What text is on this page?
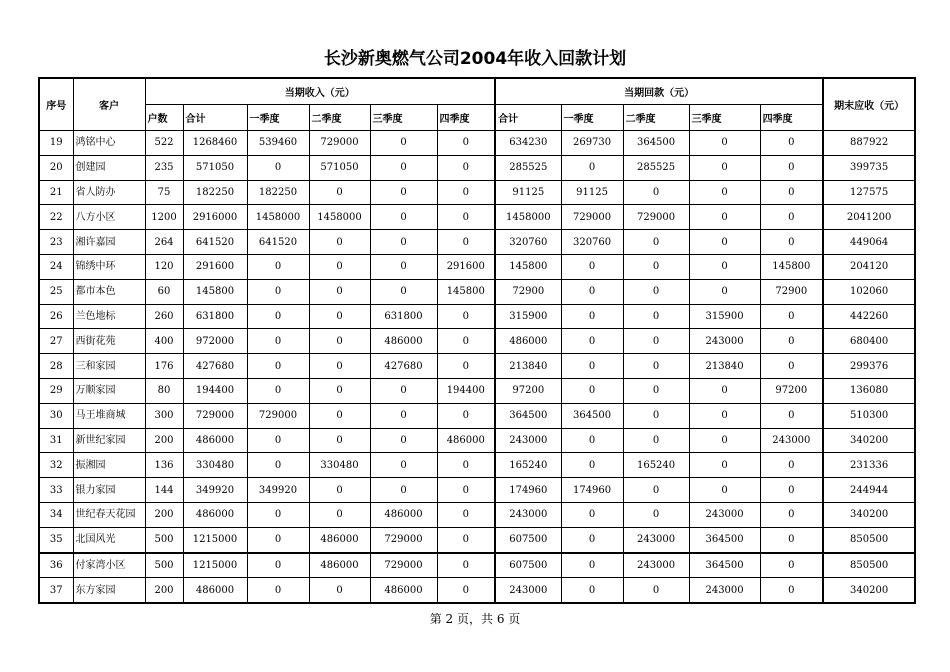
长沙新奥燃气公司2004年收入回款计划
序号	客户	当期收入（元）						当期回款（元）					期末应收（元）
		户数	合计	一季度	二季度	三季度	四季度	合计	一季度	二季度	三季度	四季度	
19	鸿铭中心	522	1268460	539460	729000	0	0	634230	269730	364500	0	0	887922
20	创建园	235	571050	0	571050	0	0	285525	0	285525	0	0	399735
21	省人防办	75	182250	182250	0	0	0	91125	91125	0	0	0	127575
22	八方小区	1200	2916000	1458000	1458000	0	0	1458000	729000	729000	0	0	2041200
23	湘许嘉园	264	641520	641520	0	0	0	320760	320760	0	0	0	449064
24	锦绣中环	120	291600	0	0	0	291600	145800	0	0	0	145800	204120
25	都市本色	60	145800	0	0	0	145800	72900	0	0	0	72900	102060
26	兰色地标	260	631800	0	0	631800	0	315900	0	0	315900	0	442260
27	西街花苑	400	972000	0	0	486000	0	486000	0	0	243000	0	680400
28	三和家园	176	427680	0	0	427680	0	213840	0	0	213840	0	299376
29	万顺家园	80	194400	0	0	0	194400	97200	0	0	0	97200	136080
30	马王堆商城	300	729000	729000	0	0	0	364500	364500	0	0	0	510300
31	新世纪家园	200	486000	0	0	0	486000	243000	0	0	0	243000	340200
32	振湘园	136	330480	0	330480	0	0	165240	0	165240	0	0	231336
33	银力家园	144	349920	349920	0	0	0	174960	174960	0	0	0	244944
34	世纪春天花园	200	486000	0	0	486000	0	243000	0	0	243000	0	340200
35	北国风光	500	1215000	0	486000	729000	0	607500	0	243000	364500	0	850500
36	付家湾小区	500	1215000	0	486000	729000	0	607500	0	243000	364500	0	850500
37	东方家园	200	486000	0	0	486000	0	243000	0	0	243000	0	340200
第 2 页，共 6 页
